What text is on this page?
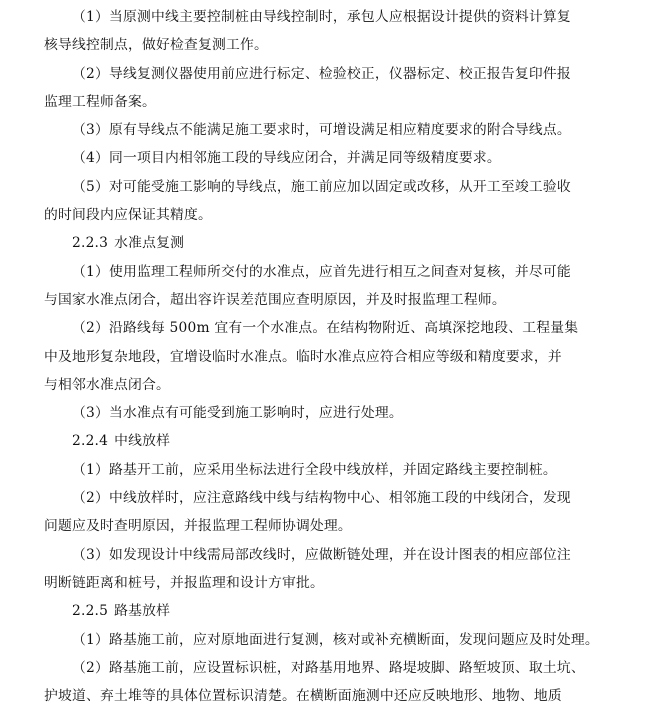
（1）当原测中线主要控制桩由导线控制时，承包人应根据设计提供的资料计算复
核导线控制点，做好检查复测工作。

（2）导线复测仪器使用前应进行标定、检验校正，仪器标定、校正报告复印件报
监理工程师备案。

（3）原有导线点不能满足施工要求时，可增设满足相应精度要求的附合导线点。

（4）同一项目内相邻施工段的导线应闭合，并满足同等级精度要求。

（5）对可能受施工影响的导线点，施工前应加以固定或改移，从开工至竣工验收
的时间段内应保证其精度。

2.2.3 水准点复测

（1）使用监理工程师所交付的水准点，应首先进行相互之间查对复核，并尽可能
与国家水准点闭合，超出容许误差范围应查明原因，并及时报监理工程师。

（2）沿路线每 500m 宜有一个水准点。在结构物附近、高填深挖地段、工程量集
中及地形复杂地段，宜增设临时水准点。临时水准点应符合相应等级和精度要求，并
与相邻水准点闭合。

（3）当水准点有可能受到施工影响时，应进行处理。

2.2.4 中线放样

（1）路基开工前，应采用坐标法进行全段中线放样，并固定路线主要控制桩。

（2）中线放样时，应注意路线中线与结构物中心、相邻施工段的中线闭合，发现
问题应及时查明原因，并报监理工程师协调处理。

（3）如发现设计中线需局部改线时，应做断链处理，并在设计图表的相应部位注
明断链距离和桩号，并报监理和设计方审批。

2.2.5 路基放样

（1）路基施工前，应对原地面进行复测，核对或补充横断面，发现问题应及时处理。

（2）路基施工前，应设置标识桩，对路基用地界、路堤坡脚、路堑坡顶、取土坑、
护坡道、弃土堆等的具体位置标识清楚。在横断面施测中还应反映地形、地物、地质
